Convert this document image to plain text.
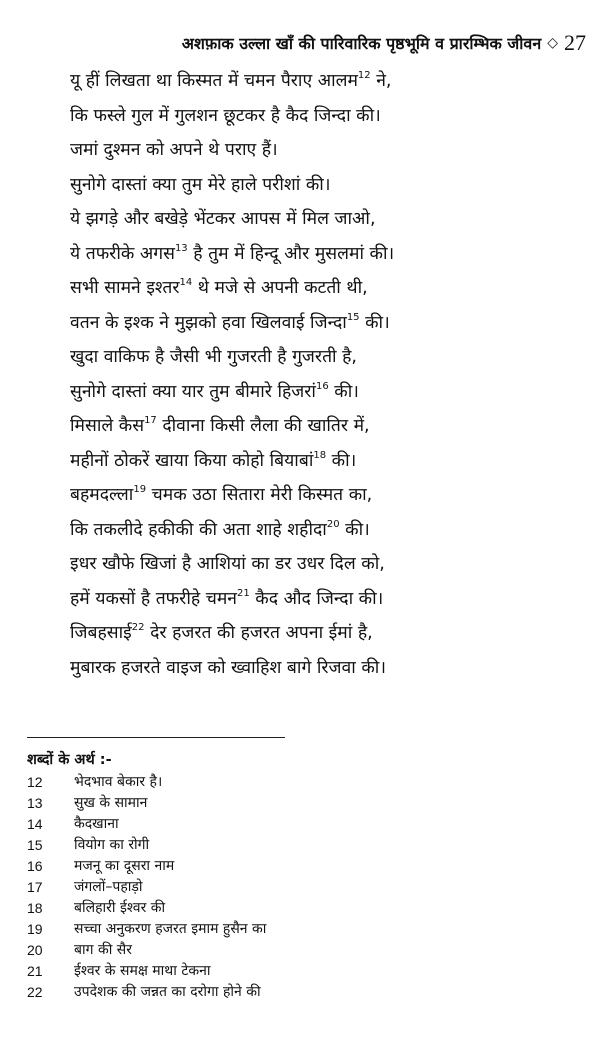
अशफ़ाक उल्ला खाँ की पारिवारिक पृष्ठभूमि व प्रारम्भिक जीवन ◇ 27
यू हीं लिखता था किस्मत में चमन पैराए आलम$^{12}$ ने,
कि फस्ले गुल में गुलशन छूटकर है कैद जिन्दा की।
जमां दुश्मन को अपने थे पराए हैं।
सुनोगे दास्तां क्या तुम मेरे हाले परीशां की।
ये झगड़े और बखेड़े भेंटकर आपस में मिल जाओ,
ये तफरीके अगस$^{13}$ है तुम में हिन्दू और मुसलमां की।
सभी सामने इश्तर$^{14}$ थे मजे से अपनी कटती थी,
वतन के इश्क ने मुझको हवा खिलवाई जिन्दा$^{15}$ की।
खुदा वाकिफ है जैसी भी गुजरती है गुजरती है,
सुनोगे दास्तां क्या यार तुम बीमारे हिजरां$^{16}$ की।
मिसाले कैस$^{17}$ दीवाना किसी लैला की खातिर में,
महीनों ठोकरें खाया किया कोहो बियाबां$^{18}$ की।
बहमदल्ला$^{19}$ चमक उठा सितारा मेरी किस्मत का,
कि तकलीदे हकीकी की अता शाहे शहीदा$^{20}$ की।
इधर खौफे खिजां है आशियां का डर उधर दिल को,
हमें यकसों है तफरीहे चमन$^{21}$ कैद औद जिन्दा की।
जिबहसाई$^{22}$ देर हजरत की हजरत अपना ईमां है,
मुबारक हजरते वाइज को ख्वाहिश बागे रिजवा की।
शब्दों के अर्थ :-
12	भेदभाव बेकार है।
13	सुख के सामान
14	कैदखाना
15	वियोग का रोगी
16	मजनू का दूसरा नाम
17	जंगलों–पहाड़ो
18	बलिहारी ईश्वर की
19	सच्चा अनुकरण हजरत इमाम हुसैन का
20	बाग की सैर
21	ईश्वर के समक्ष माथा टेकना
22	उपदेशक की जन्नत का दरोगा होने की
